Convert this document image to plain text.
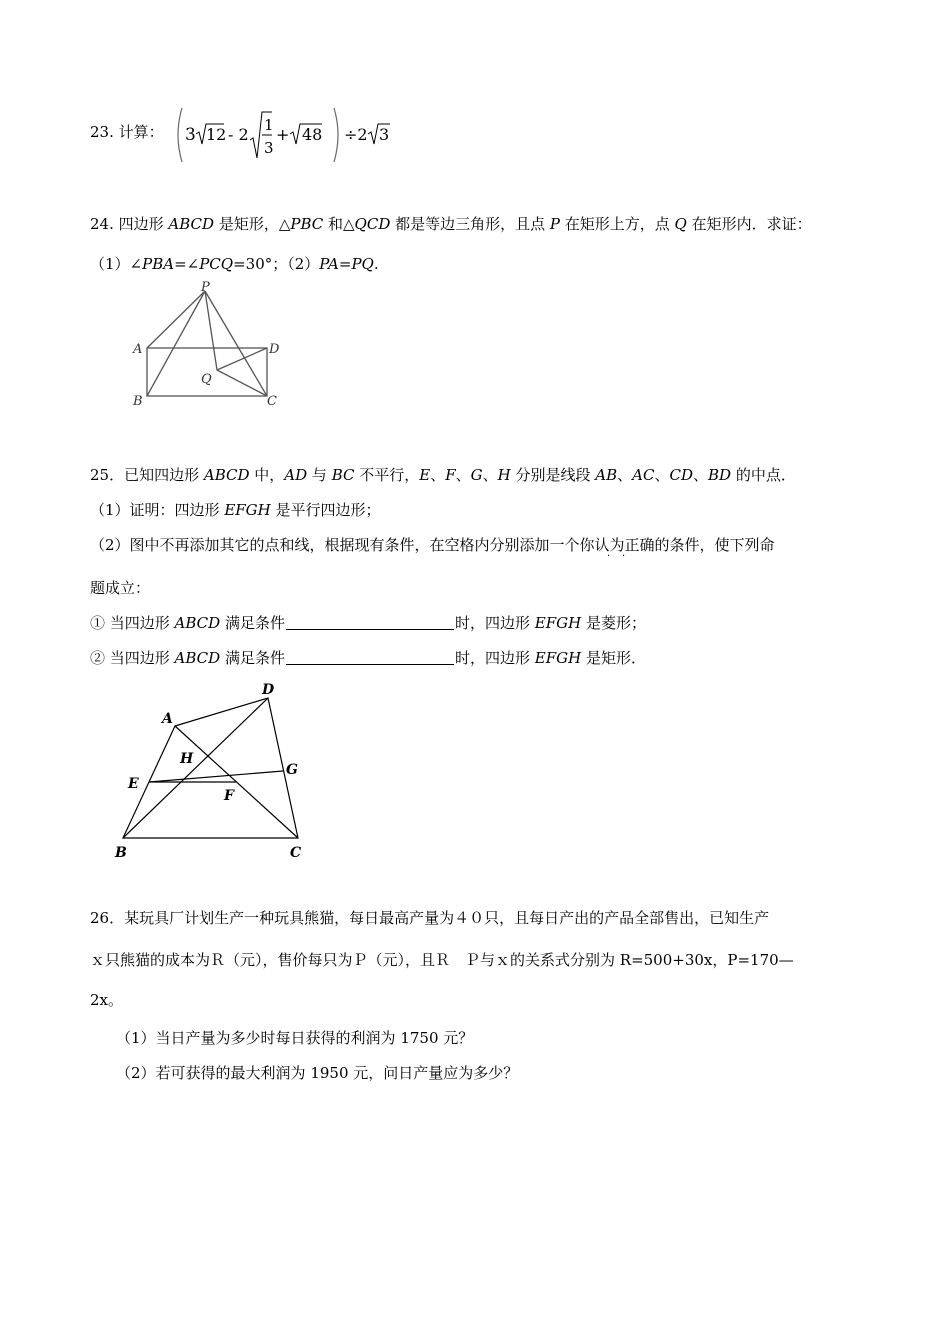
23. 计算： 3 12 - 2 1
3
+ 48 ÷2 3
24. 四边形 ABCD 是矩形，△PBC 和△QCD 都是等边三角形，且点 P 在矩形上方，点 Q 在矩形内．求证：
（1）∠PBA=∠PCQ=30°；（2）PA=PQ.
P
A	D
Q
B	C
25．已知四边形 ABCD 中，AD 与 BC 不平行，E、F、G、H 分别是线段 AB、AC、CD、BD 的中点．
（1）证明：四边形 EFGH 是平行四边形；
（2）图中不再添加其它的点和线，根据现有条件，在空格内分别添加一个你认为正确的条件，使下列命
· ·
题成立：
① 当四边形 ABCD 满足条件	时，四边形 EFGH 是菱形；
② 当四边形 ABCD 满足条件	时，四边形 EFGH 是矩形．
A
D
H
E
G
F
B	C
26．某玩具厂计划生产一种玩具熊猫，每日最高产量为４０只，且每日产出的产品全部售出，已知生产
ｘ只熊猫的成本为Ｒ（元），售价每只为Ｐ（元），且Ｒ　Ｐ与ｘ的关系式分别为 R=500+30x，P=170—
2x。
（1）当日产量为多少时每日获得的利润为 1750 元？
（2）若可获得的最大利润为 1950 元，问日产量应为多少？
